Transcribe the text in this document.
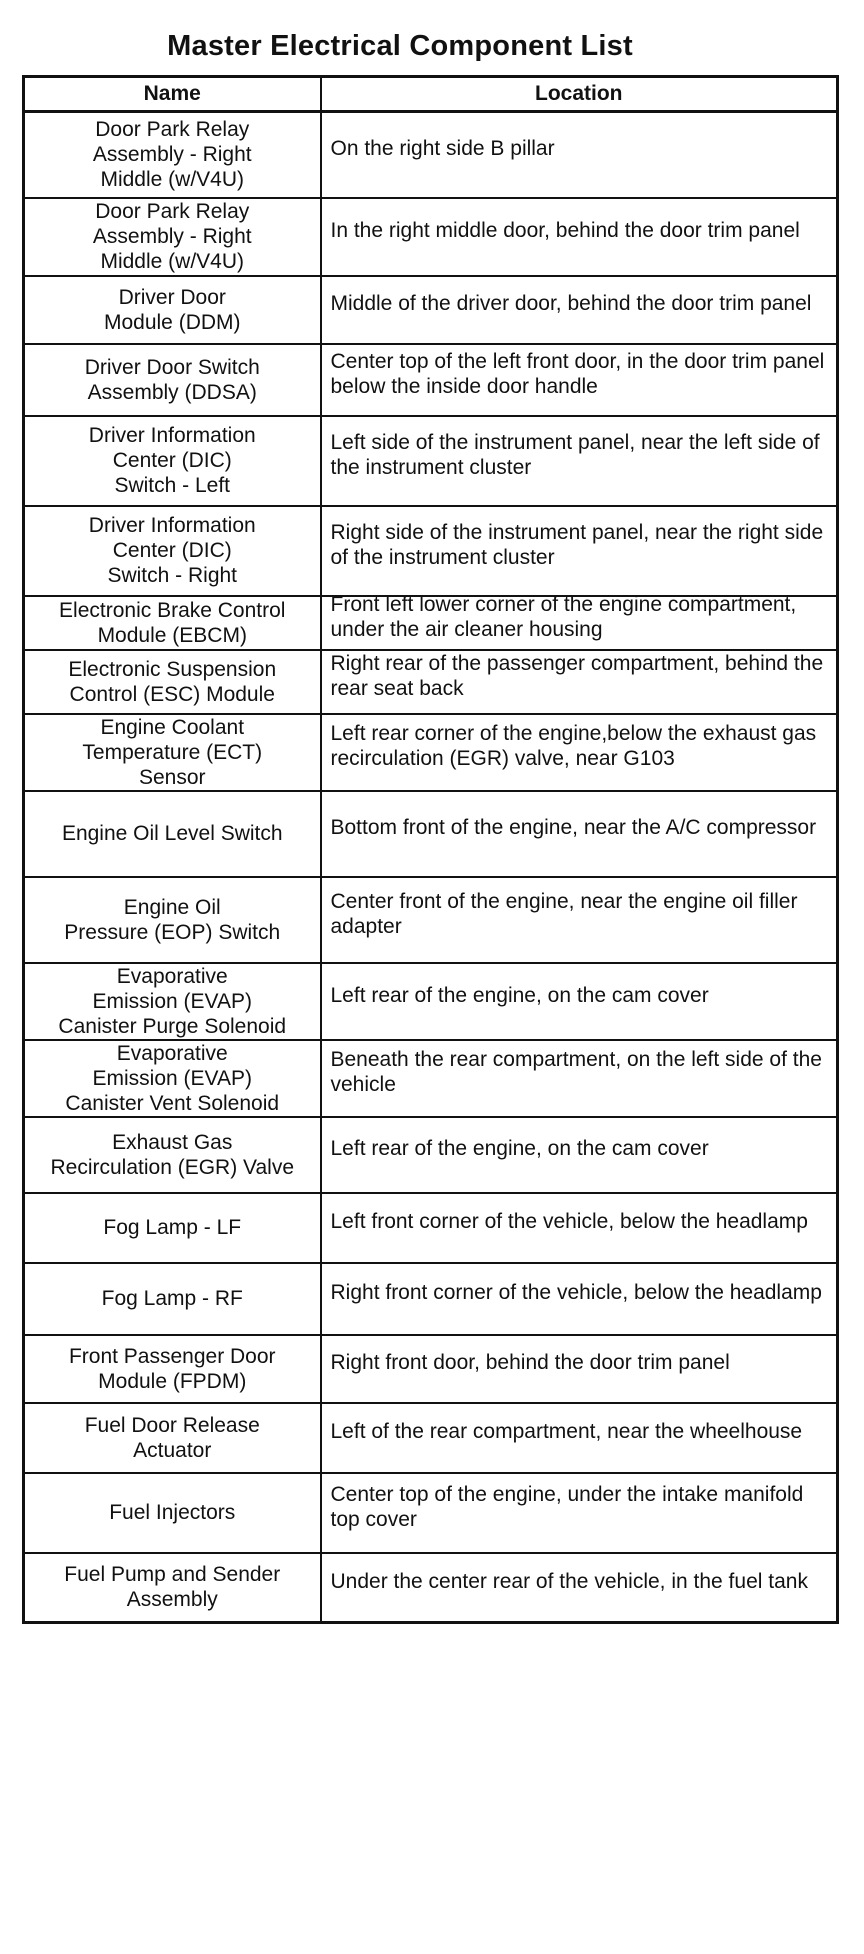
Master Electrical Component List
Name	Location

Door Park Relay
Assembly - Right
Middle (w/V4U)	On the right side B pillar

Door Park Relay
Assembly - Right
Middle (w/V4U)	In the right middle door, behind the door trim panel

Driver Door
Module (DDM)	Middle of the driver door, behind the door trim panel

Driver Door Switch
Assembly (DDSA)	Center top of the left front door, in the door trim panel below the inside door handle

Driver Information
Center (DIC)
Switch - Left	Left side of the instrument panel, near the left side of the instrument cluster

Driver Information
Center (DIC)
Switch - Right	Right side of the instrument panel, near the right side of the instrument cluster

Electronic Brake Control
Module (EBCM)	Front left lower corner of the engine compartment, under the air cleaner housing

Electronic Suspension
Control (ESC) Module	Right rear of the passenger compartment, behind the rear seat back

Engine Coolant
Temperature (ECT)
Sensor	Left rear corner of the engine,below the exhaust gas recirculation (EGR) valve, near G103

Engine Oil Level Switch	Bottom front of the engine, near the A/C compressor

Engine Oil
Pressure (EOP) Switch	Center front of the engine, near the engine oil filler adapter

Evaporative
Emission (EVAP)
Canister Purge Solenoid	Left rear of the engine, on the cam cover

Evaporative
Emission (EVAP)
Canister Vent Solenoid	Beneath the rear compartment, on the left side of the vehicle

Exhaust Gas
Recirculation (EGR) Valve	Left rear of the engine, on the cam cover

Fog Lamp - LF	Left front corner of the vehicle, below the headlamp

Fog Lamp - RF	Right front corner of the vehicle, below the headlamp

Front Passenger Door
Module (FPDM)	Right front door, behind the door trim panel

Fuel Door Release
Actuator	Left of the rear compartment, near the wheelhouse

Fuel Injectors	Center top of the engine, under the intake manifold top cover

Fuel Pump and Sender
Assembly	Under the center rear of the vehicle, in the fuel tank
